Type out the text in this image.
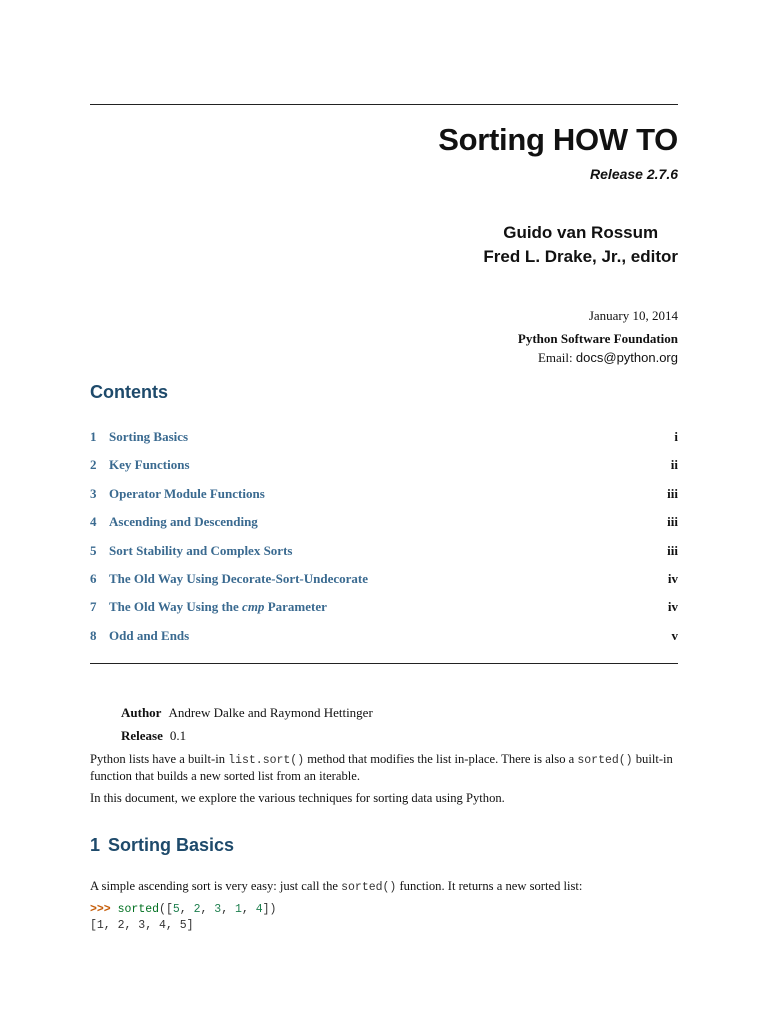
Sorting HOW TO
Release 2.7.6
Guido van Rossum
Fred L. Drake, Jr., editor
January 10, 2014

Python Software Foundation
Email: docs@python.org
Contents
1 Sorting Basics	i
2 Key Functions	ii
3 Operator Module Functions	iii
4 Ascending and Descending	iii
5 Sort Stability and Complex Sorts	iii
6 The Old Way Using Decorate-Sort-Undecorate	iv
7 The Old Way Using the cmp Parameter	iv
8 Odd and Ends	v
Author Andrew Dalke and Raymond Hettinger
Release 0.1
Python lists have a built-in list.sort() method that modifies the list in-place. There is also a sorted() built-in function that builds a new sorted list from an iterable.
In this document, we explore the various techniques for sorting data using Python.
1 Sorting Basics
A simple ascending sort is very easy: just call the sorted() function. It returns a new sorted list:
>>> sorted([5, 2, 3, 1, 4])
[1, 2, 3, 4, 5]
